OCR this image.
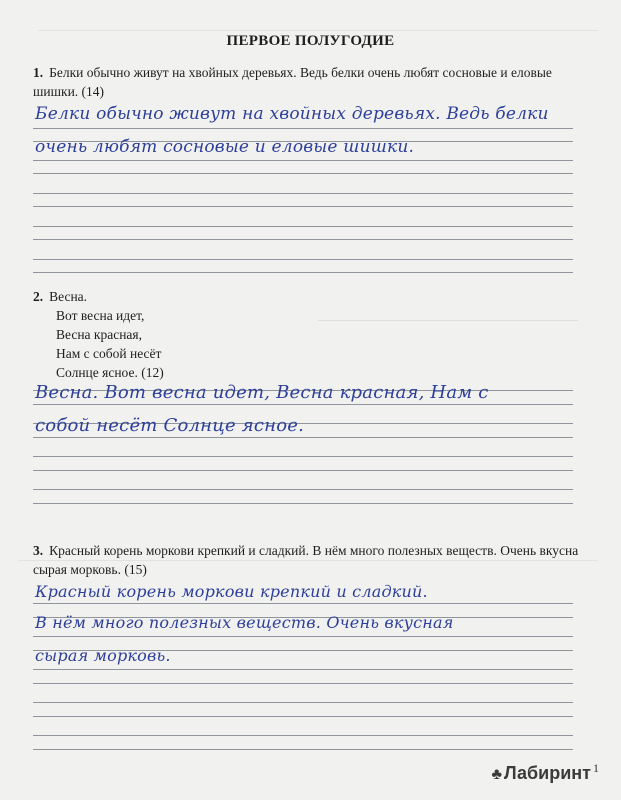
ПЕРВОЕ ПОЛУГОДИЕ
1. Белки обычно живут на хвойных деревьях. Ведь белки очень любят сосновые и еловые шишки. (14)
Белки обычно живут на хвойных деревьях. Ведь белки
очень любят сосновые и еловые шишки.
2. Весна.
Вот весна идет,
Весна красная,
Нам с собой несёт
Солнце ясное. (12)
Весна. Вот весна идет, Весна красная, Нам с
собой несёт Солнце ясное.
3. Красный корень моркови крепкий и сладкий. В нём много полезных веществ. Очень вкусна сырая морковь. (15)
Красный корень моркови крепкий и сладкий.
В нём много полезных веществ. Очень вкусная
сырая морковь.
1
♣ Лабиринт
